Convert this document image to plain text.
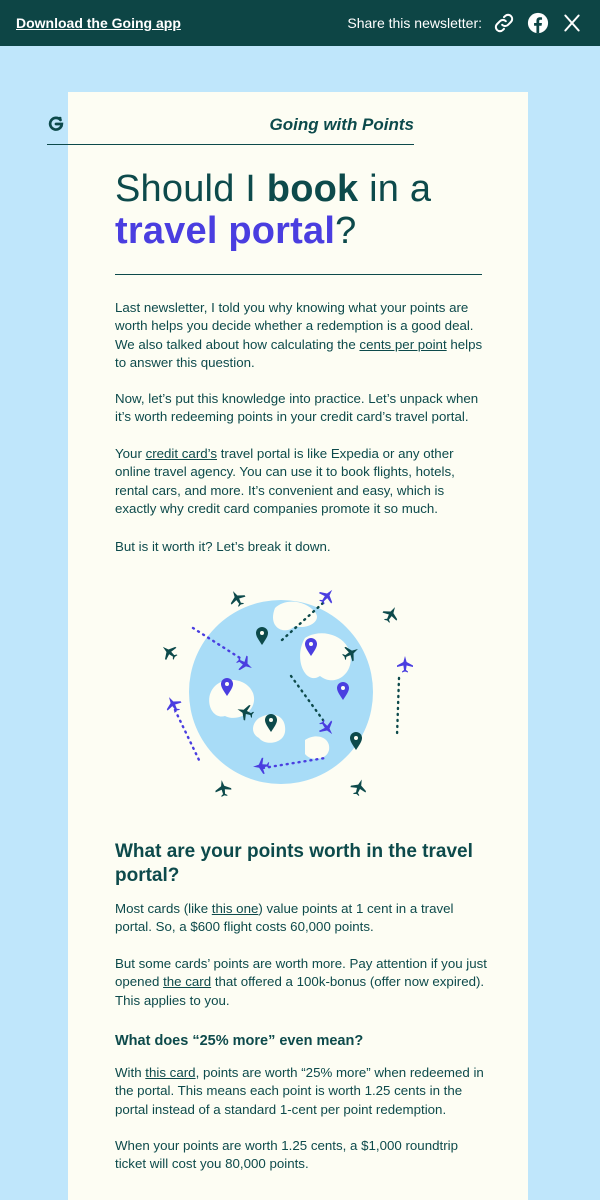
Download the Going app	Share this newsletter:
Going with Points
Should I book in a
travel portal?

Last newsletter, I told you why knowing what your points are worth helps you decide whether a redemption is a good deal. We also talked about how calculating the cents per point helps to answer this question.

Now, let’s put this knowledge into practice. Let’s unpack when it’s worth redeeming points in your credit card’s travel portal.

Your credit card’s travel portal is like Expedia or any other online travel agency. You can use it to book flights, hotels, rental cars, and more. It’s convenient and easy, which is exactly why credit card companies promote it so much.

But is it worth it? Let’s break it down.

What are your points worth in the travel portal?

Most cards (like this one) value points at 1 cent in a travel portal. So, a $600 flight costs 60,000 points.

But some cards’ points are worth more. Pay attention if you just opened the card that offered a 100k-bonus (offer now expired). This applies to you.

What does “25% more” even mean?

With this card, points are worth “25% more” when redeemed in the portal. This means each point is worth 1.25 cents in the portal instead of a standard 1-cent per point redemption.

When your points are worth 1.25 cents, a $1,000 roundtrip ticket will cost you 80,000 points.
